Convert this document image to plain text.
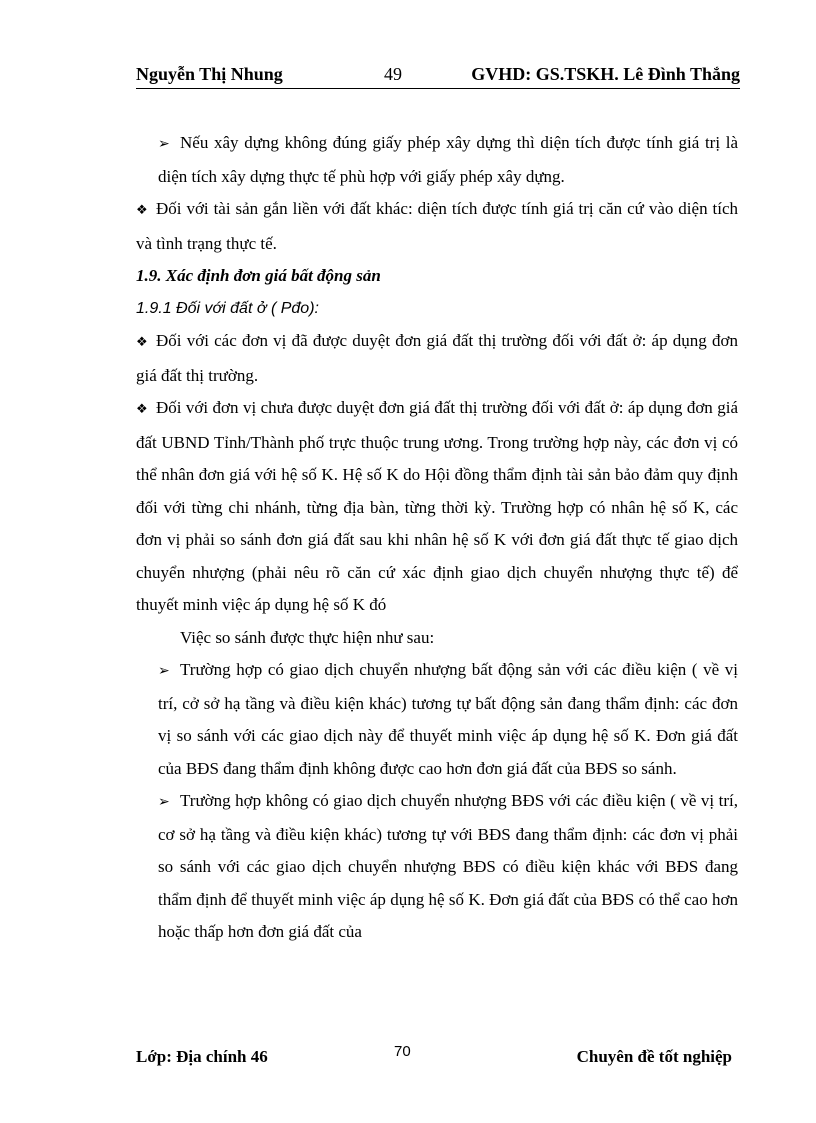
Nguyễn Thị Nhung	49	GVHD: GS.TSKH. Lê Đình Thắng

➢ Nếu xây dựng không đúng giấy phép xây dựng thì diện tích được tính giá trị là diện tích xây dựng thực tế phù hợp với giấy phép xây dựng.

❖ Đối với tài sản gắn liền với đất khác: diện tích được tính giá trị căn cứ vào diện tích và tình trạng thực tế.

1.9. Xác định đơn giá bất động sản

1.9.1 Đối với đất ở ( Pđo):

❖ Đối với các đơn vị đã được duyệt đơn giá đất thị trường đối với đất ở: áp dụng đơn giá đất thị trường.

❖ Đối với đơn vị chưa được duyệt đơn giá đất thị trường đối với đất ở: áp dụng đơn giá đất UBND Tỉnh/Thành phố trực thuộc trung ương. Trong trường hợp này, các đơn vị có thể nhân đơn giá với hệ số K. Hệ số K do Hội đồng thẩm định tài sản bảo đảm quy định đối với từng chi nhánh, từng địa bàn, từng thời kỳ. Trường hợp có nhân hệ số K, các đơn vị phải so sánh đơn giá đất sau khi nhân hệ số K với đơn giá đất thực tế giao dịch chuyển nhượng (phải nêu rõ căn cứ xác định giao dịch chuyển nhượng thực tế) để thuyết minh việc áp dụng hệ số K đó

Việc so sánh được thực hiện như sau:

➢ Trường hợp có giao dịch chuyển nhượng bất động sản với các điều kiện ( về vị trí, cở sở hạ tầng và điều kiện khác) tương tự bất động sản đang thẩm định: các đơn vị so sánh với các giao dịch này để thuyết minh việc áp dụng hệ số K. Đơn giá đất của BĐS đang thẩm định không được cao hơn đơn giá đất của BĐS so sánh.

➢ Trường hợp không có giao dịch chuyển nhượng BĐS với các điều kiện ( về vị trí, cơ sở hạ tầng và điều kiện khác) tương tự với BĐS đang thẩm định: các đơn vị phải so sánh với các giao dịch chuyển nhượng BĐS có điều kiện khác với BĐS đang thẩm định để thuyết minh việc áp dụng hệ số K. Đơn giá đất của BĐS có thể cao hơn hoặc thấp hơn đơn giá đất của

Lớp: Địa chính 46	70	Chuyên đề tốt nghiệp
